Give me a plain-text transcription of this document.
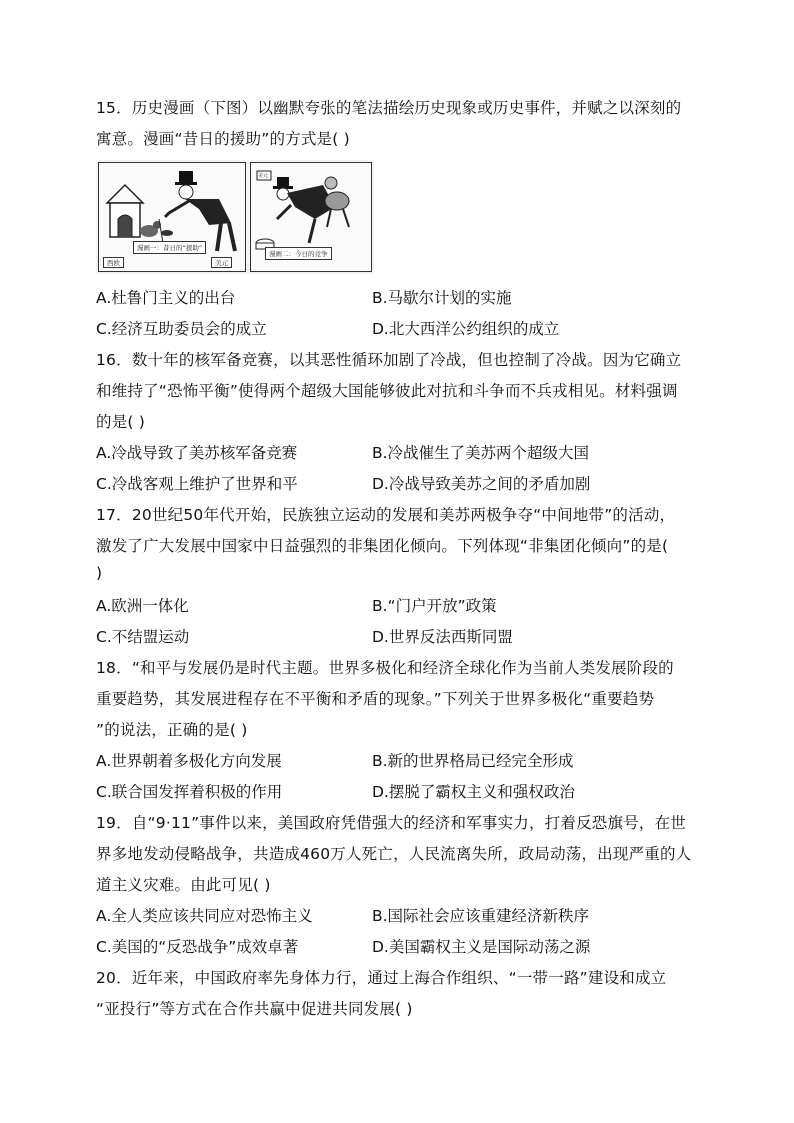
15．历史漫画（下图）以幽默夸张的笔法描绘历史现象或历史事件，并赋之以深刻的
寓意。漫画“昔日的援助”的方式是( )
漫画一：昔日的“援助”
西欧	美元
漫画二：今日的竞争
美元
A.杜鲁门主义的出台	B.马歇尔计划的实施
C.经济互助委员会的成立	D.北大西洋公约组织的成立
16．数十年的核军备竞赛，以其恶性循环加剧了冷战，但也控制了冷战。因为它确立
和维持了“恐怖平衡”使得两个超级大国能够彼此对抗和斗争而不兵戎相见。材料强调
的是( )
A.冷战导致了美苏核军备竞赛	B.冷战催生了美苏两个超级大国
C.冷战客观上维护了世界和平	D.冷战导致美苏之间的矛盾加剧
17．20世纪50年代开始，民族独立运动的发展和美苏两极争夺“中间地带”的活动，
激发了广大发展中国家中日益强烈的非集团化倾向。下列体现“非集团化倾向”的是(
)
A.欧洲一体化	B.“门户开放”政策
C.不结盟运动	D.世界反法西斯同盟
18．“和平与发展仍是时代主题。世界多极化和经济全球化作为当前人类发展阶段的
重要趋势，其发展进程存在不平衡和矛盾的现象。”下列关于世界多极化“重要趋势
”的说法，正确的是( )
A.世界朝着多极化方向发展	B.新的世界格局已经完全形成
C.联合国发挥着积极的作用	D.摆脱了霸权主义和强权政治
19．自“9·11”事件以来，美国政府凭借强大的经济和军事实力，打着反恐旗号，在世
界多地发动侵略战争，共造成460万人死亡，人民流离失所，政局动荡，出现严重的人
道主义灾难。由此可见( )
A.全人类应该共同应对恐怖主义	B.国际社会应该重建经济新秩序
C.美国的“反恐战争”成效卓著	D.美国霸权主义是国际动荡之源
20．近年来，中国政府率先身体力行，通过上海合作组织、“一带一路”建设和成立
“亚投行”等方式在合作共赢中促进共同发展( )
